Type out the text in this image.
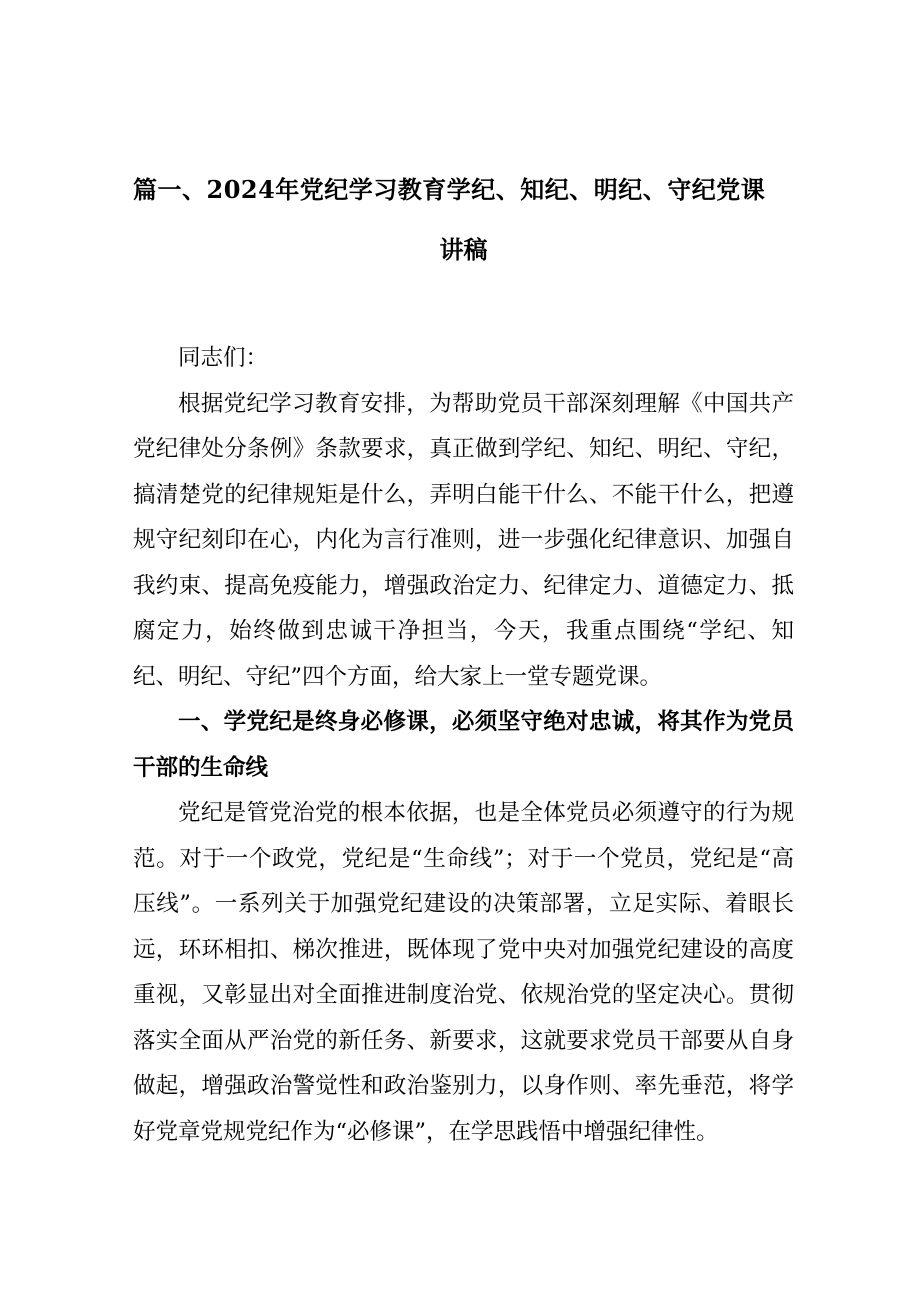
篇一、2024年党纪学习教育学纪、知纪、明纪、守纪党课
讲稿

同志们：

根据党纪学习教育安排，为帮助党员干部深刻理解《中国共产党纪律处分条例》条款要求，真正做到学纪、知纪、明纪、守纪，搞清楚党的纪律规矩是什么，弄明白能干什么、不能干什么，把遵规守纪刻印在心，内化为言行准则，进一步强化纪律意识、加强自我约束、提高免疫能力，增强政治定力、纪律定力、道德定力、抵腐定力，始终做到忠诚干净担当，今天，我重点围绕“学纪、知纪、明纪、守纪”四个方面，给大家上一堂专题党课。

一、学党纪是终身必修课，必须坚守绝对忠诚，将其作为党员干部的生命线

党纪是管党治党的根本依据，也是全体党员必须遵守的行为规范。对于一个政党，党纪是“生命线”；对于一个党员，党纪是“高压线”。一系列关于加强党纪建设的决策部署，立足实际、着眼长远，环环相扣、梯次推进，既体现了党中央对加强党纪建设的高度重视，又彰显出对全面推进制度治党、依规治党的坚定决心。贯彻落实全面从严治党的新任务、新要求，这就要求党员干部要从自身做起，增强政治警觉性和政治鉴别力，以身作则、率先垂范，将学好党章党规党纪作为“必修课”，在学思践悟中增强纪律性。
